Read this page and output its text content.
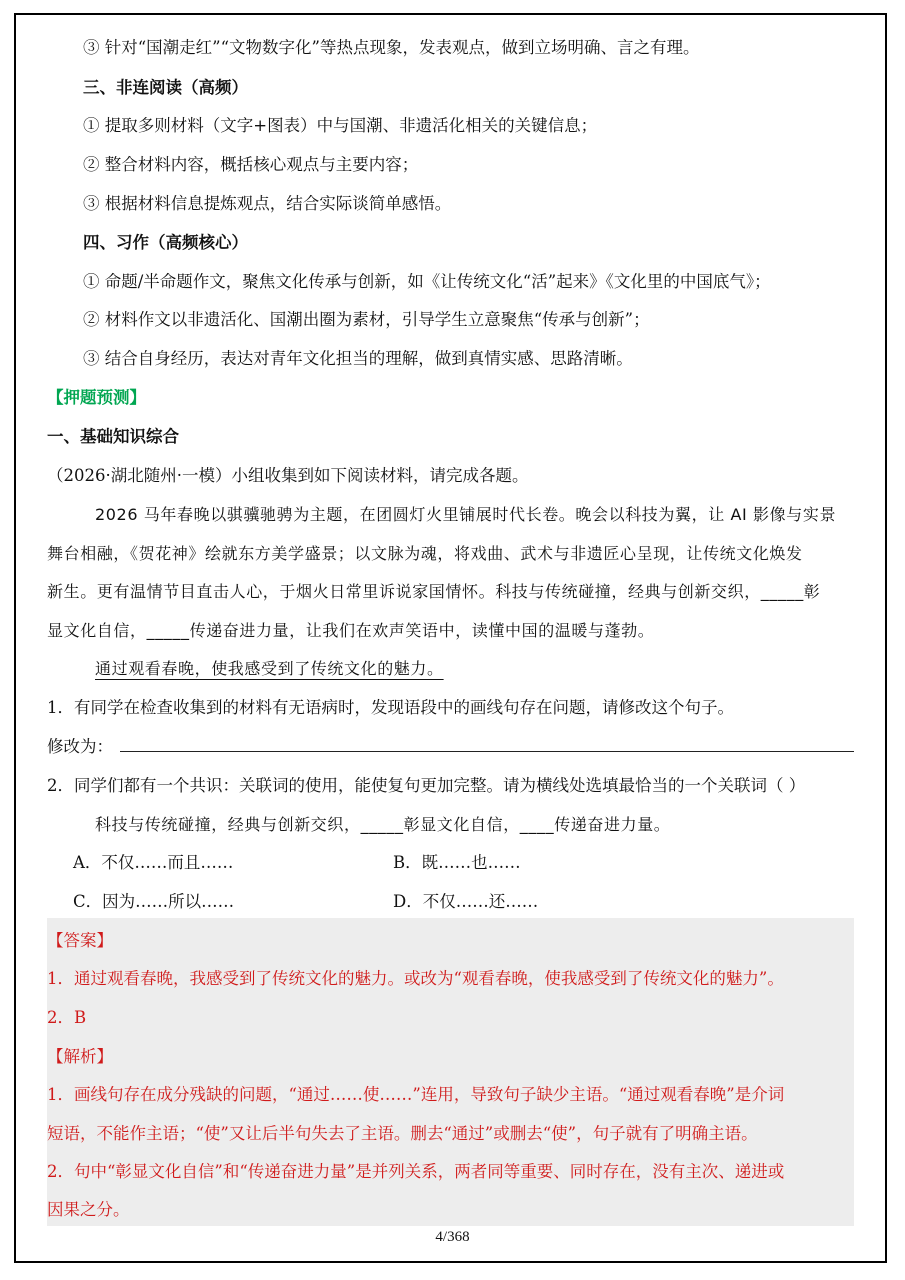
③ 针对“国潮走红”“文物数字化”等热点现象，发表观点，做到立场明确、言之有理。
三、非连阅读（高频）
① 提取多则材料（文字+图表）中与国潮、非遗活化相关的关键信息；
② 整合材料内容，概括核心观点与主要内容；
③ 根据材料信息提炼观点，结合实际谈简单感悟。
四、习作（高频核心）
① 命题/半命题作文，聚焦文化传承与创新，如《让传统文化“活”起来》《文化里的中国底气》；
② 材料作文以非遗活化、国潮出圈为素材，引导学生立意聚焦“传承与创新”；
③ 结合自身经历，表达对青年文化担当的理解，做到真情实感、思路清晰。
【押题预测】
一、基础知识综合
（2026·湖北随州·一模）小组收集到如下阅读材料，请完成各题。
2026 马年春晚以骐骥驰骋为主题，在团圆灯火里铺展时代长卷。晚会以科技为翼，让 AI 影像与实景
舞台相融，《贺花神》绘就东方美学盛景；以文脉为魂，将戏曲、武术与非遗匠心呈现，让传统文化焕发
新生。更有温情节目直击人心，于烟火日常里诉说家国情怀。科技与传统碰撞，经典与创新交织，_____彰
显文化自信，_____传递奋进力量，让我们在欢声笑语中，读懂中国的温暖与蓬勃。
通过观看春晚，使我感受到了传统文化的魅力。
1．有同学在检查收集到的材料有无语病时，发现语段中的画线句存在问题，请修改这个句子。
修改为：
2．同学们都有一个共识：关联词的使用，能使复句更加完整。请为横线处选填最恰当的一个关联词（ ）
科技与传统碰撞，经典与创新交织，_____彰显文化自信，____传递奋进力量。
A．不仅……而且……	B．既……也……
C．因为……所以……	D．不仅……还……
【答案】
1．通过观看春晚，我感受到了传统文化的魅力。或改为“观看春晚，使我感受到了传统文化的魅力”。
2．B
【解析】
1．画线句存在成分残缺的问题，“通过……使……”连用，导致句子缺少主语。“通过观看春晚”是介词
短语，不能作主语；“使”又让后半句失去了主语。删去“通过”或删去“使”，句子就有了明确主语。
2．句中“彰显文化自信”和“传递奋进力量”是并列关系，两者同等重要、同时存在，没有主次、递进或
因果之分。
4/368
